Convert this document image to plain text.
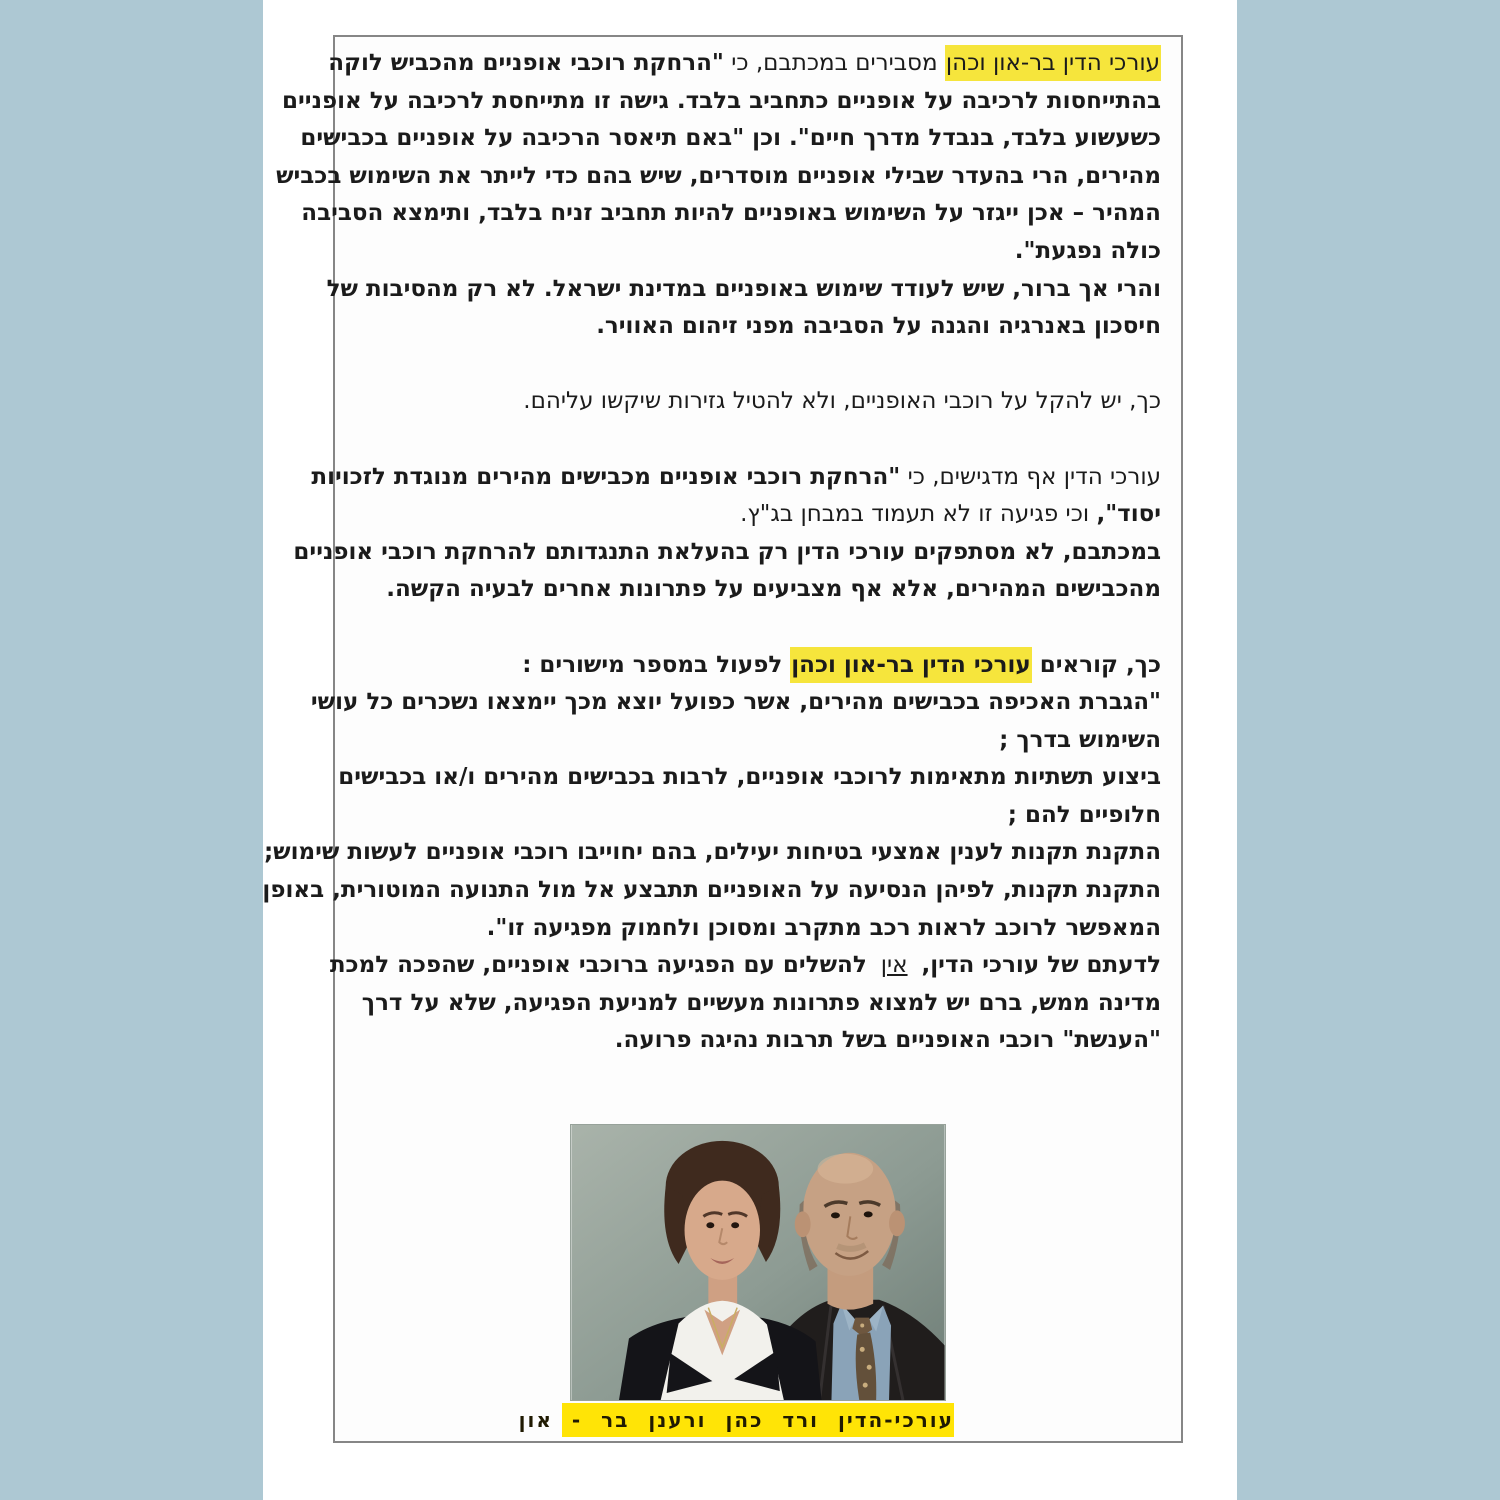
עורכי הדין בר-און וכהן מסבירים במכתבם, כי "הרחקת רוכבי אופניים מהכביש לוקה
בהתייחסות לרכיבה על אופניים כתחביב בלבד. גישה זו מתייחסת לרכיבה על אופניים
כשעשוע בלבד, בנבדל מדרך חיים". וכן "באם תיאסר הרכיבה על אופניים בכבישים
מהירים, הרי בהעדר שבילי אופניים מוסדרים, שיש בהם כדי לייתר את השימוש בכביש
המהיר – אכן ייגזר על השימוש באופניים להיות תחביב זניח בלבד, ותימצא הסביבה
כולה נפגעת".
והרי אך ברור, שיש לעודד שימוש באופניים במדינת ישראל. לא רק מהסיבות של
חיסכון באנרגיה והגנה על הסביבה מפני זיהום האוויר.
כך, יש להקל על רוכבי האופניים, ולא להטיל גזירות שיקשו עליהם.
עורכי הדין אף מדגישים, כי "הרחקת רוכבי אופניים מכבישים מהירים מנוגדת לזכויות
יסוד", וכי פגיעה זו לא תעמוד במבחן בג"ץ.
במכתבם, לא מסתפקים עורכי הדין רק בהעלאת התנגדותם להרחקת רוכבי אופניים
מהכבישים המהירים, אלא אף מצביעים על פתרונות אחרים לבעיה הקשה.
כך, קוראים עורכי הדין בר-און וכהן לפעול במספר מישורים :
"הגברת האכיפה בכבישים מהירים, אשר כפועל יוצא מכך יימצאו נשכרים כל עושי
השימוש בדרך ;
ביצוע תשתיות מתאימות לרוכבי אופניים, לרבות בכבישים מהירים ו/או בכבישים
חלופיים להם ;
התקנת תקנות לענין אמצעי בטיחות יעילים, בהם יחוייבו רוכבי אופניים לעשות שימוש;
התקנת תקנות, לפיהן הנסיעה על האופניים תתבצע אל מול התנועה המוטורית, באופן
המאפשר לרוכב לראות רכב מתקרב ומסוכן ולחמוק מפגיעה זו".
לדעתם של עורכי הדין, אין להשלים עם הפגיעה ברוכבי אופניים, שהפכה למכת
מדינה ממש, ברם יש למצוא פתרונות מעשיים למניעת הפגיעה, שלא על דרך
"הענשת" רוכבי האופניים בשל תרבות נהיגה פרועה.
עורכי-הדין ורד כהן ורענן בר - און
